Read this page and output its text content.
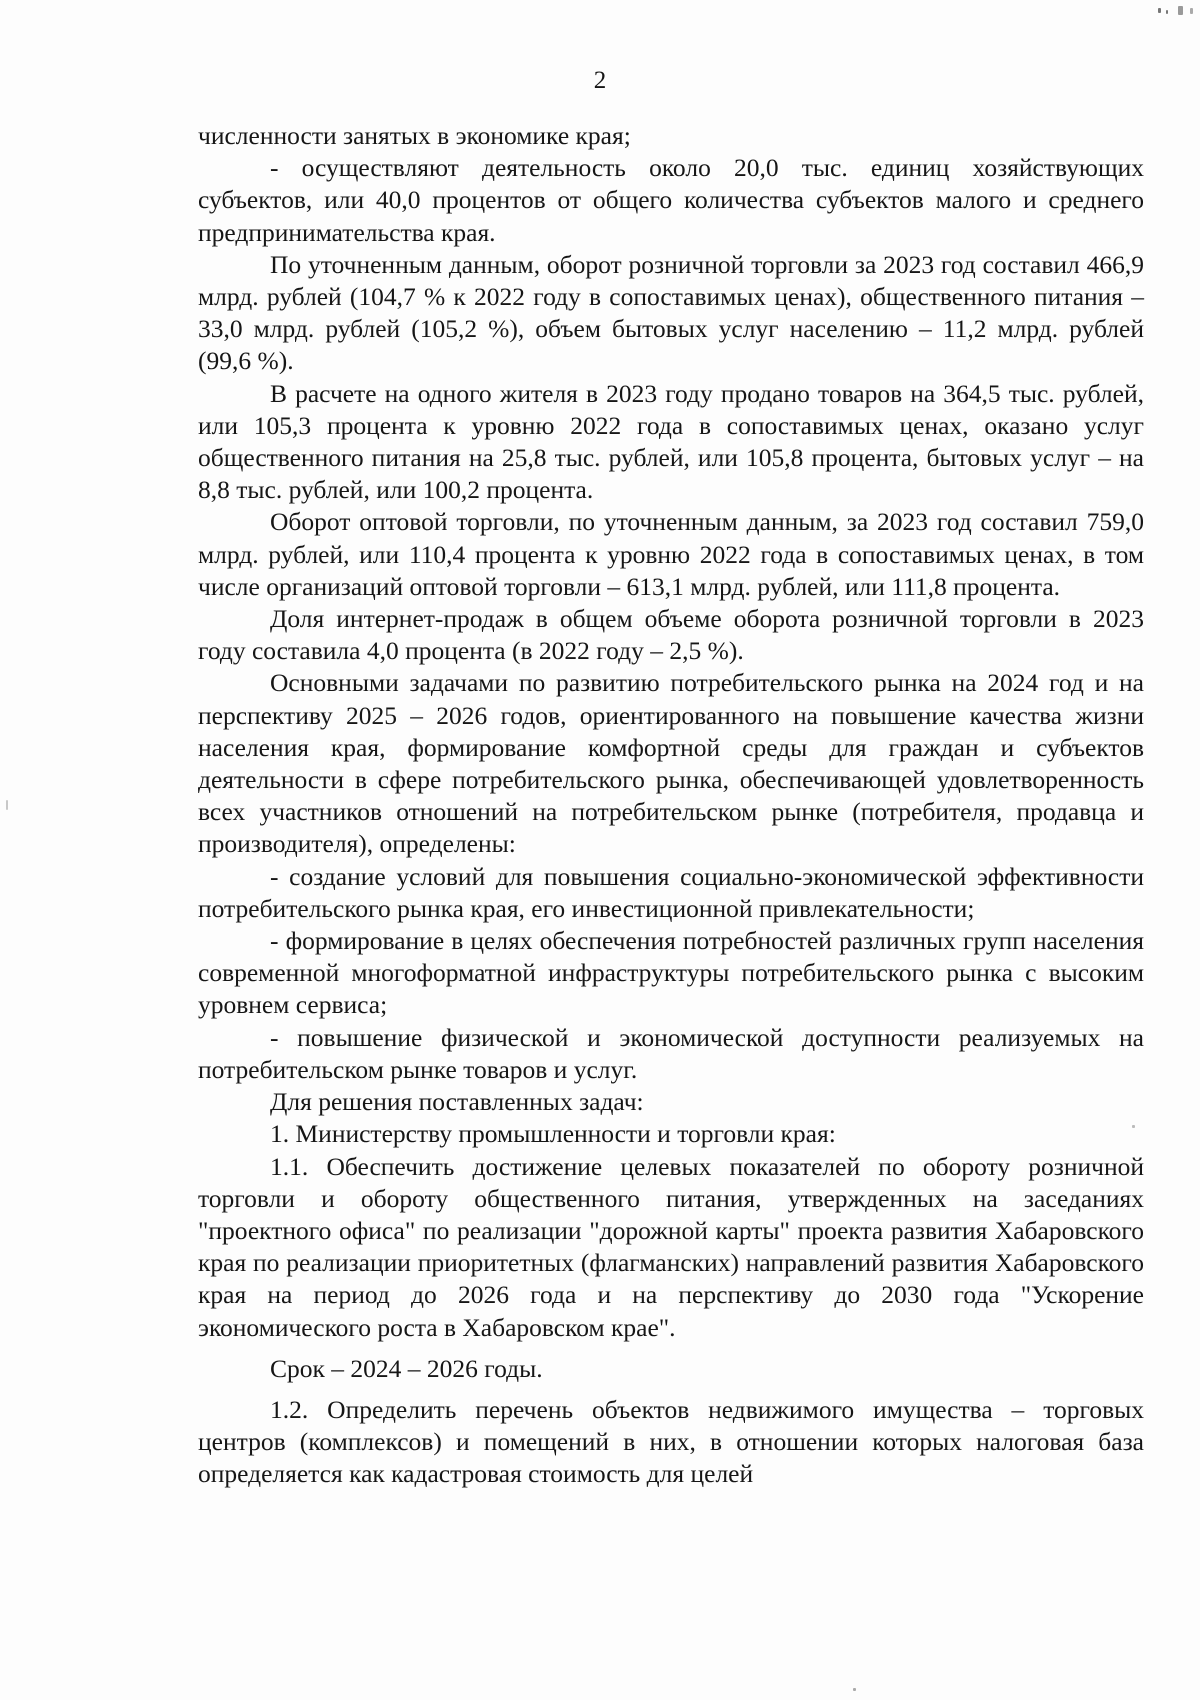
2

численности занятых в экономике края;

- осуществляют деятельность около 20,0 тыс. единиц хозяйствующих субъектов, или 40,0 процентов от общего количества субъектов малого и среднего предпринимательства края.

По уточненным данным, оборот розничной торговли за 2023 год составил 466,9 млрд. рублей (104,7 % к 2022 году в сопоставимых ценах), общественного питания – 33,0 млрд. рублей (105,2 %), объем бытовых услуг населению – 11,2 млрд. рублей (99,6 %).

В расчете на одного жителя в 2023 году продано товаров на 364,5 тыс. рублей, или 105,3 процента к уровню 2022 года в сопоставимых ценах, оказано услуг общественного питания на 25,8 тыс. рублей, или 105,8 процента, бытовых услуг – на 8,8 тыс. рублей, или 100,2 процента.

Оборот оптовой торговли, по уточненным данным, за 2023 год составил 759,0 млрд. рублей, или 110,4 процента к уровню 2022 года в сопоставимых ценах, в том числе организаций оптовой торговли – 613,1 млрд. рублей, или 111,8 процента.

Доля интернет-продаж в общем объеме оборота розничной торговли в 2023 году составила 4,0 процента (в 2022 году – 2,5 %).

Основными задачами по развитию потребительского рынка на 2024 год и на перспективу 2025 – 2026 годов, ориентированного на повышение качества жизни населения края, формирование комфортной среды для граждан и субъектов деятельности в сфере потребительского рынка, обеспечивающей удовлетворенность всех участников отношений на потребительском рынке (потребителя, продавца и производителя), определены:

- создание условий для повышения социально-экономической эффективности потребительского рынка края, его инвестиционной привлекательности;

- формирование в целях обеспечения потребностей различных групп населения современной многоформатной инфраструктуры потребительского рынка с высоким уровнем сервиса;

- повышение физической и экономической доступности реализуемых на потребительском рынке товаров и услуг.

Для решения поставленных задач:

1. Министерству промышленности и торговли края:

1.1. Обеспечить достижение целевых показателей по обороту розничной торговли и обороту общественного питания, утвержденных на заседаниях "проектного офиса" по реализации "дорожной карты" проекта развития Хабаровского края по реализации приоритетных (флагманских) направлений развития Хабаровского края на период до 2026 года и на перспективу до 2030 года "Ускорение экономического роста в Хабаровском крае".

Срок – 2024 – 2026 годы.

1.2. Определить перечень объектов недвижимого имущества – торговых центров (комплексов) и помещений в них, в отношении которых налоговая база определяется как кадастровая стоимость для целей
